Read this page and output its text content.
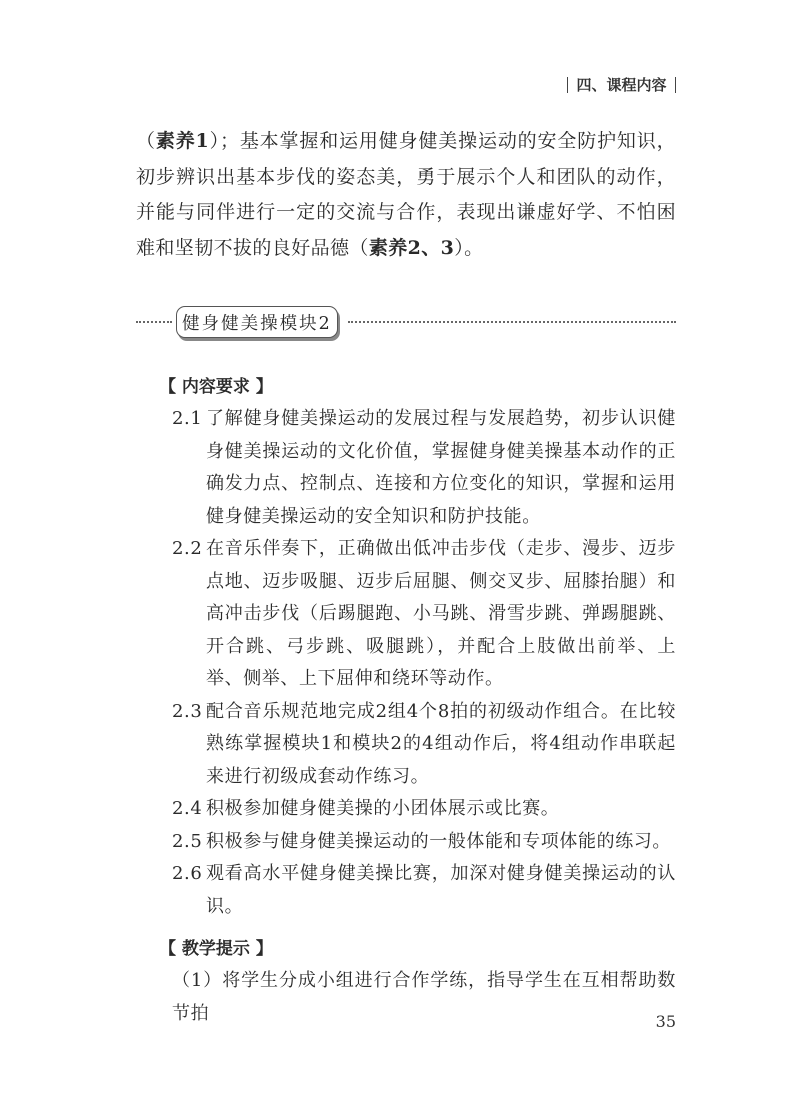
四、课程内容
（素养1）；基本掌握和运用健身健美操运动的安全防护知识，初步辨识出基本步伐的姿态美，勇于展示个人和团队的动作，并能与同伴进行一定的交流与合作，表现出谦虚好学、不怕困难和坚韧不拔的良好品德（素养2、3）。
健身健美操模块2
【 内容要求 】
2.1 了解健身健美操运动的发展过程与发展趋势，初步认识健身健美操运动的文化价值，掌握健身健美操基本动作的正确发力点、控制点、连接和方位变化的知识，掌握和运用健身健美操运动的安全知识和防护技能。
2.2 在音乐伴奏下，正确做出低冲击步伐（走步、漫步、迈步点地、迈步吸腿、迈步后屈腿、侧交叉步、屈膝抬腿）和高冲击步伐（后踢腿跑、小马跳、滑雪步跳、弹踢腿跳、开合跳、弓步跳、吸腿跳），并配合上肢做出前举、上举、侧举、上下屈伸和绕环等动作。
2.3 配合音乐规范地完成2组4个8拍的初级动作组合。在比较熟练掌握模块1和模块2的4组动作后，将4组动作串联起来进行初级成套动作练习。
2.4 积极参加健身健美操的小团体展示或比赛。
2.5 积极参与健身健美操运动的一般体能和专项体能的练习。
2.6 观看高水平健身健美操比赛，加深对健身健美操运动的认识。
【 教学提示 】
（1）将学生分成小组进行合作学练，指导学生在互相帮助数节拍	35
